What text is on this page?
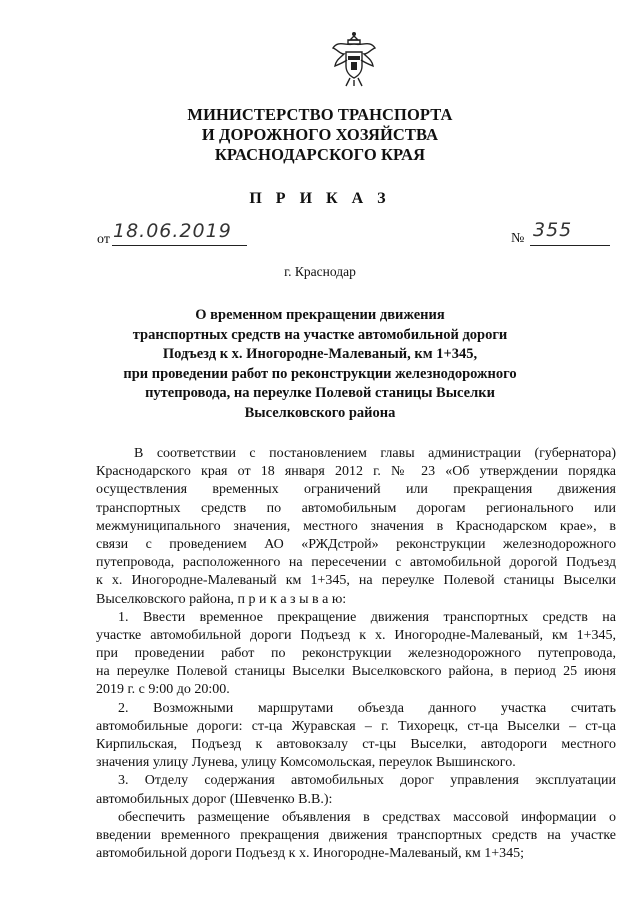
МИНИСТЕРСТВО ТРАНСПОРТА
И ДОРОЖНОГО ХОЗЯЙСТВА
КРАСНОДАРСКОГО КРАЯ
П Р И К А З
от 18.06.2019	№ 355
г. Краснодар
О временном прекращении движения
транспортных средств на участке автомобильной дороги
Подъезд к х. Иногородне-Малеваный, км 1+345,
при проведении работ по реконструкции железнодорожного
путепровода, на переулке Полевой станицы Выселки
Выселковского района
В соответствии с постановлением главы администрации (губернатора)
Краснодарского края от 18 января 2012 г. № 23 «Об утверждении порядка
осуществления временных ограничений или прекращения движения
транспортных средств по автомобильным дорогам регионального или
межмуниципального значения, местного значения в Краснодарском крае», в
связи с проведением АО «РЖДстрой» реконструкции железнодорожного
путепровода, расположенного на пересечении с автомобильной дорогой Подъезд
к х. Иногородне-Малеваный км 1+345, на переулке Полевой станицы Выселки
Выселковского района, п р и к а з ы в а ю:
1. Ввести временное прекращение движения транспортных средств на
участке автомобильной дороги Подъезд к х. Иногородне-Малеваный, км 1+345,
при проведении работ по реконструкции железнодорожного путепровода,
на переулке Полевой станицы Выселки Выселковского района, в период 25 июня
2019 г. с 9:00 до 20:00.
2. Возможными маршрутами объезда данного участка считать
автомобильные дороги: ст-ца Журавская – г. Тихорецк, ст-ца Выселки – ст-ца
Кирпильская, Подъезд к автовокзалу ст-цы Выселки, автодороги местного
значения улицу Лунева, улицу Комсомольская, переулок Вышинского.
3. Отделу содержания автомобильных дорог управления эксплуатации
автомобильных дорог (Шевченко В.В.):
обеспечить размещение объявления в средствах массовой информации о
введении временного прекращения движения транспортных средств на участке
автомобильной дороги Подъезд к х. Иногородне-Малеваный, км 1+345;
